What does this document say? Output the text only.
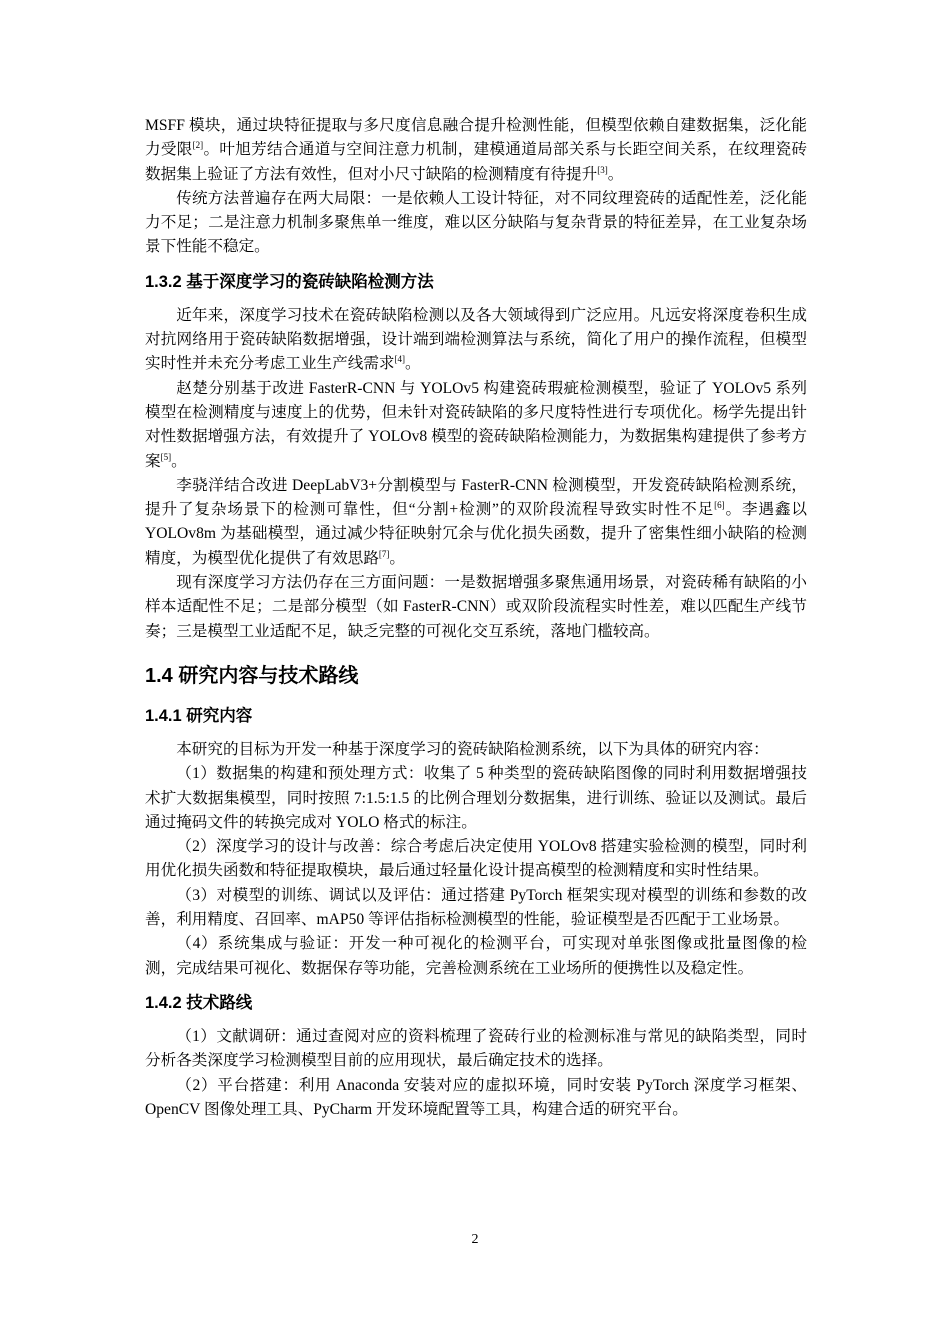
MSFF 模块，通过块特征提取与多尺度信息融合提升检测性能，但模型依赖自建数据集，泛化能力受限[2]。叶旭芳结合通道与空间注意力机制，建模通道局部关系与长距空间关系，在纹理瓷砖数据集上验证了方法有效性，但对小尺寸缺陷的检测精度有待提升[3]。

传统方法普遍存在两大局限：一是依赖人工设计特征，对不同纹理瓷砖的适配性差，泛化能力不足；二是注意力机制多聚焦单一维度，难以区分缺陷与复杂背景的特征差异，在工业复杂场景下性能不稳定。

1.3.2 基于深度学习的瓷砖缺陷检测方法

近年来，深度学习技术在瓷砖缺陷检测以及各大领域得到广泛应用。凡远安将深度卷积生成对抗网络用于瓷砖缺陷数据增强，设计端到端检测算法与系统，简化了用户的操作流程，但模型实时性并未充分考虑工业生产线需求[4]。

赵楚分别基于改进 FasterR-CNN 与 YOLOv5 构建瓷砖瑕疵检测模型，验证了 YOLOv5 系列模型在检测精度与速度上的优势，但未针对瓷砖缺陷的多尺度特性进行专项优化。杨学先提出针对性数据增强方法，有效提升了 YOLOv8 模型的瓷砖缺陷检测能力，为数据集构建提供了参考方案[5]。

李骁洋结合改进 DeepLabV3+分割模型与 FasterR-CNN 检测模型，开发瓷砖缺陷检测系统，提升了复杂场景下的检测可靠性，但“分割+检测”的双阶段流程导致实时性不足[6]。李遇鑫以 YOLOv8m 为基础模型，通过减少特征映射冗余与优化损失函数，提升了密集性细小缺陷的检测精度，为模型优化提供了有效思路[7]。

现有深度学习方法仍存在三方面问题：一是数据增强多聚焦通用场景，对瓷砖稀有缺陷的小样本适配性不足；二是部分模型（如 FasterR-CNN）或双阶段流程实时性差，难以匹配生产线节奏；三是模型工业适配不足，缺乏完整的可视化交互系统，落地门槛较高。

1.4 研究内容与技术路线
1.4.1 研究内容

本研究的目标为开发一种基于深度学习的瓷砖缺陷检测系统，以下为具体的研究内容：

（1）数据集的构建和预处理方式：收集了 5 种类型的瓷砖缺陷图像的同时利用数据增强技术扩大数据集模型，同时按照 7:1.5:1.5 的比例合理划分数据集，进行训练、验证以及测试。最后通过掩码文件的转换完成对 YOLO 格式的标注。

（2）深度学习的设计与改善：综合考虑后决定使用 YOLOv8 搭建实验检测的模型，同时利用优化损失函数和特征提取模块，最后通过轻量化设计提高模型的检测精度和实时性结果。

（3）对模型的训练、调试以及评估：通过搭建 PyTorch 框架实现对模型的训练和参数的改善，利用精度、召回率、mAP50 等评估指标检测模型的性能，验证模型是否匹配于工业场景。

（4）系统集成与验证：开发一种可视化的检测平台，可实现对单张图像或批量图像的检测，完成结果可视化、数据保存等功能，完善检测系统在工业场所的便携性以及稳定性。

1.4.2 技术路线

（1）文献调研：通过查阅对应的资料梳理了瓷砖行业的检测标准与常见的缺陷类型，同时分析各类深度学习检测模型目前的应用现状，最后确定技术的选择。

（2）平台搭建：利用 Anaconda 安装对应的虚拟环境，同时安装 PyTorch 深度学习框架、OpenCV 图像处理工具、PyCharm 开发环境配置等工具，构建合适的研究平台。

2
